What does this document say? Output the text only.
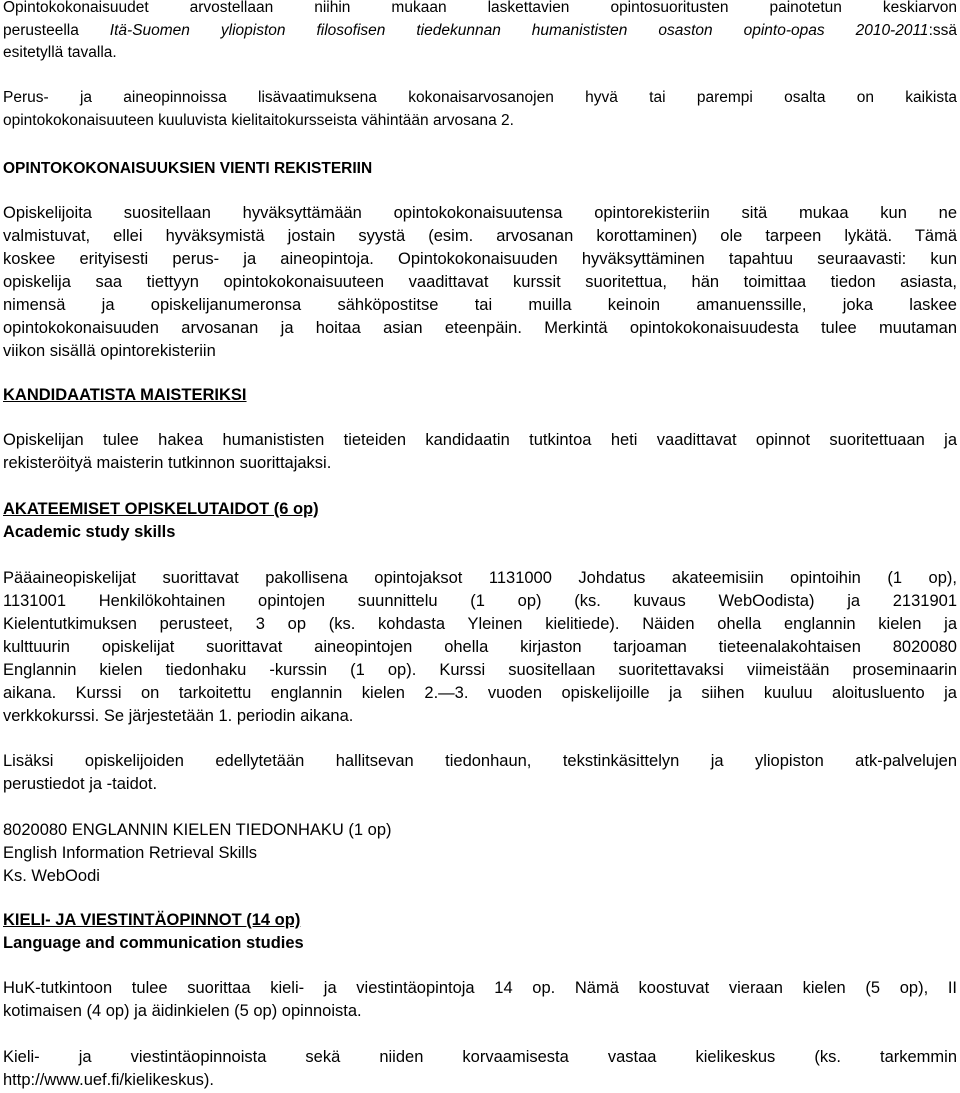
Opintokokonaisuudet arvostellaan niihin mukaan laskettavien opintosuoritusten painotetun keskiarvon
perusteella Itä-Suomen yliopiston filosofisen tiedekunnan humanististen osaston opinto-opas 2010-2011:ssä
esitetyllä tavalla.
Perus- ja aineopinnoissa lisävaatimuksena kokonaisarvosanojen hyvä tai parempi osalta on kaikista
opintokokonaisuuteen kuuluvista kielitaitokursseista vähintään arvosana 2.
OPINTOKOKONAISUUKSIEN VIENTI REKISTERIIN
Opiskelijoita suositellaan hyväksyttämään opintokokonaisuutensa opintorekisteriin sitä mukaa kun ne
valmistuvat, ellei hyväksymistä jostain syystä (esim. arvosanan korottaminen) ole tarpeen lykätä. Tämä
koskee erityisesti perus- ja aineopintoja. Opintokokonaisuuden hyväksyttäminen tapahtuu seuraavasti: kun
opiskelija saa tiettyyn opintokokonaisuuteen vaadittavat kurssit suoritettua, hän toimittaa tiedon asiasta,
nimensä ja opiskelijanumeronsa sähköpostitse tai muilla keinoin amanuenssille, joka laskee
opintokokonaisuuden arvosanan ja hoitaa asian eteenpäin. Merkintä opintokokonaisuudesta tulee muutaman
viikon sisällä opintorekisteriin
KANDIDAATISTA MAISTERIKSI
Opiskelijan tulee hakea humanististen tieteiden kandidaatin tutkintoa heti vaadittavat opinnot suoritettuaan ja
rekisteröityä maisterin tutkinnon suorittajaksi.
AKATEEMISET OPISKELUTAIDOT (6 op)
Academic study skills
Pääaineopiskelijat suorittavat pakollisena opintojaksot 1131000 Johdatus akateemisiin opintoihin (1 op),
1131001 Henkilökohtainen opintojen suunnittelu (1 op) (ks. kuvaus WebOodista) ja 2131901
Kielentutkimuksen perusteet, 3 op (ks. kohdasta Yleinen kielitiede). Näiden ohella englannin kielen ja
kulttuurin opiskelijat suorittavat aineopintojen ohella kirjaston tarjoaman tieteenalakohtaisen 8020080
Englannin kielen tiedonhaku -kurssin (1 op). Kurssi suositellaan suoritettavaksi viimeistään proseminaarin
aikana. Kurssi on tarkoitettu englannin kielen 2.—3. vuoden opiskelijoille ja siihen kuuluu aloitusluento ja
verkkokurssi. Se järjestetään 1. periodin aikana.
Lisäksi opiskelijoiden edellytetään hallitsevan tiedonhaun, tekstinkäsittelyn ja yliopiston atk-palvelujen
perustiedot ja -taidot.
8020080 ENGLANNIN KIELEN TIEDONHAKU (1 op)
English Information Retrieval Skills
Ks. WebOodi
KIELI- JA VIESTINTÄOPINNOT (14 op)
Language and communication studies
HuK-tutkintoon tulee suorittaa kieli- ja viestintäopintoja 14 op. Nämä koostuvat vieraan kielen (5 op), II
kotimaisen (4 op) ja äidinkielen (5 op) opinnoista.
Kieli- ja viestintäopinnoista sekä niiden korvaamisesta vastaa kielikeskus (ks. tarkemmin
http://www.uef.fi/kielikeskus).
